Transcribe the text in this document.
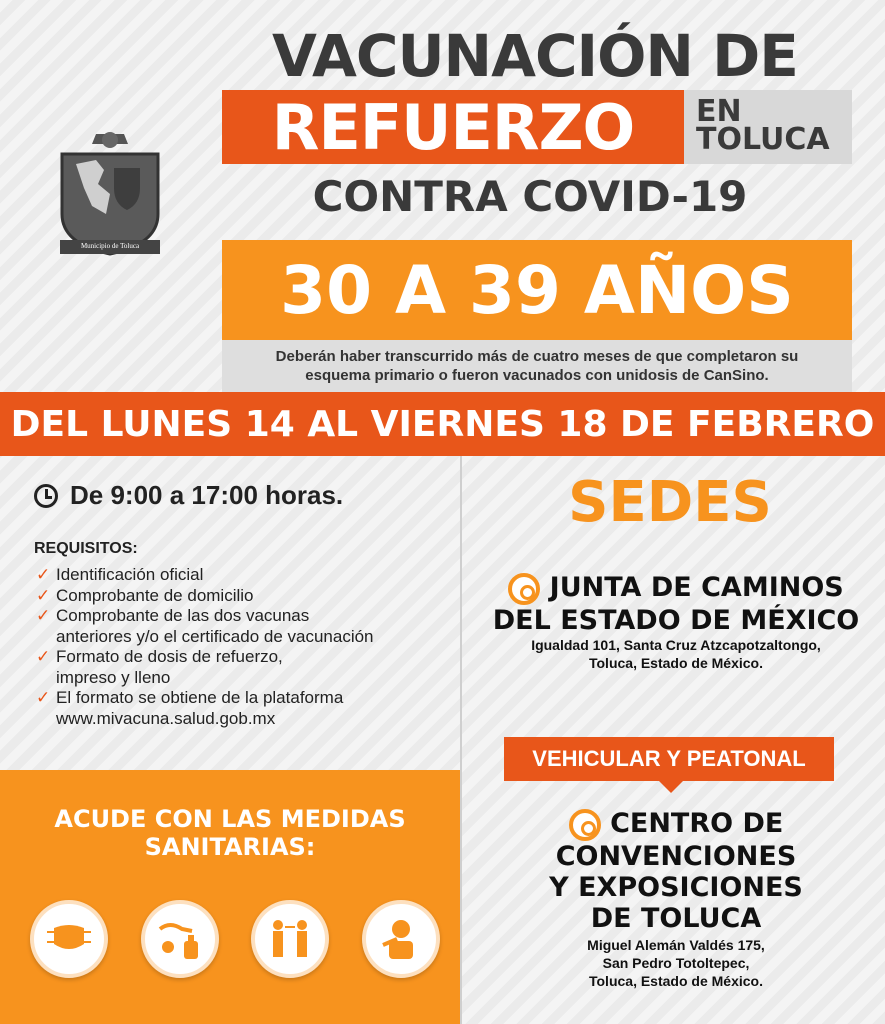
Municipio de Toluca
VACUNACIÓN DE
REFUERZO	EN
TOLUCA
CONTRA COVID-19
30 A 39 AÑOS
Deberán haber transcurrido más de cuatro meses de que completaron su
esquema primario o fueron vacunados con unidosis de CanSino.
DEL LUNES 14 AL VIERNES 18 DE FEBRERO
De 9:00 a 17:00 horas.
REQUISITOS:
✓ Identificación oficial
✓ Comprobante de domicilio
✓ Comprobante de las dos vacunas
anteriores y/o el certificado de vacunación
✓ Formato de dosis de refuerzo,
impreso y lleno
✓ El formato se obtiene de la plataforma
www.mivacuna.salud.gob.mx
ACUDE CON LAS MEDIDAS
SANITARIAS:
SEDES
JUNTA DE CAMINOS
DEL ESTADO DE MÉXICO
Igualdad 101, Santa Cruz Atzcapotzaltongo,
Toluca, Estado de México.
VEHICULAR Y PEATONAL
CENTRO DE
CONVENCIONES
Y EXPOSICIONES
DE TOLUCA
Miguel Alemán Valdés 175,
San Pedro Totoltepec,
Toluca, Estado de México.
